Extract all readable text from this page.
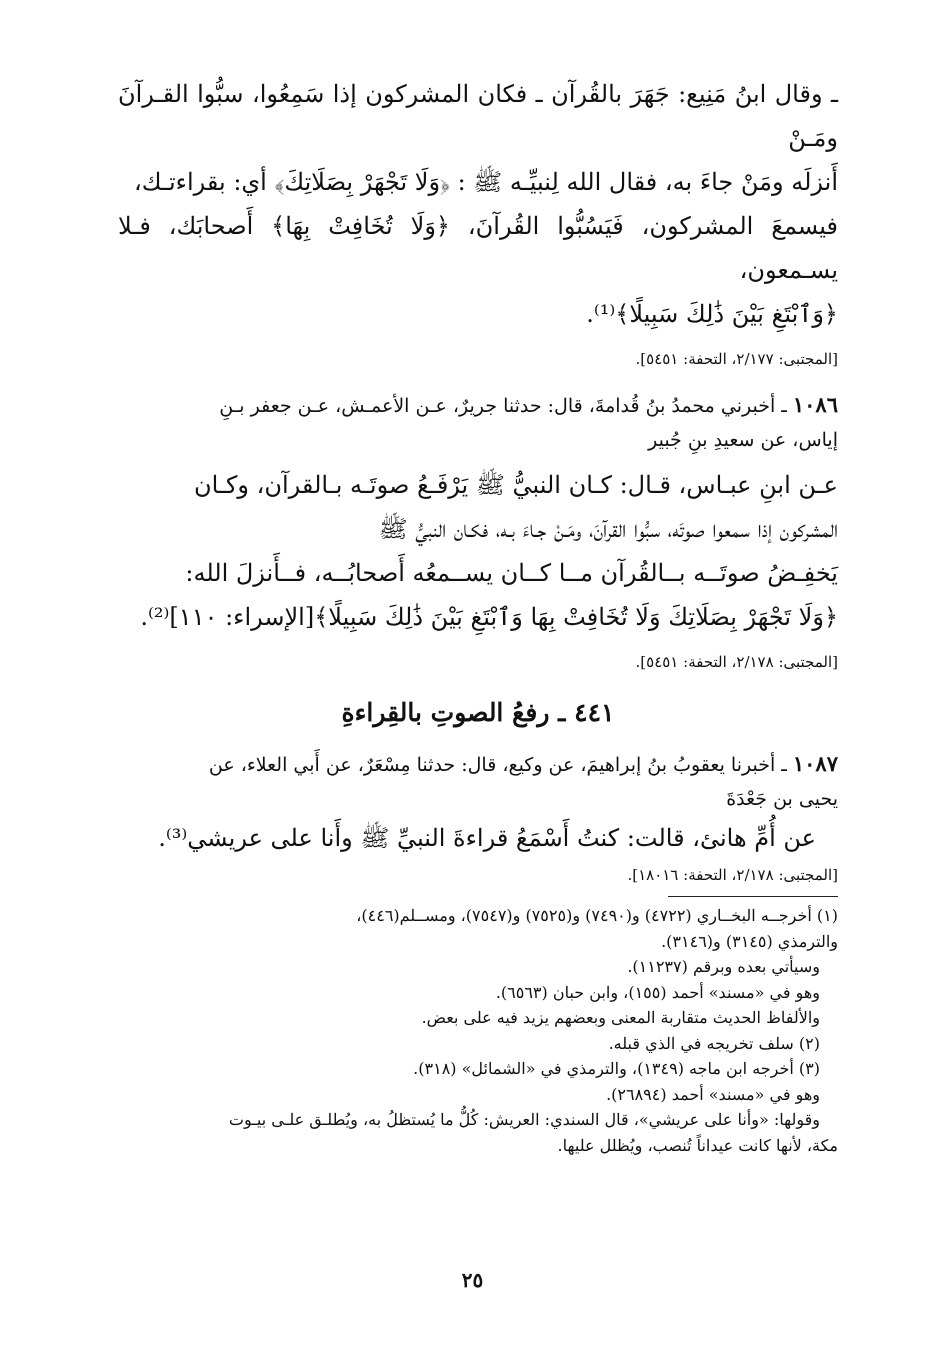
ـ وقال ابنُ مَنِيع: جَهَرَ بالقُرآن ـ فكان المشركون إذا سَمِعُوا، سبُّوا القـرآنَ ومَـنْ

أَنزلَه ومَنْ جاءَ به، فقال الله لِنبيِّـه ﷺ : ﴿وَلَا تَجْهَرْ بِصَلَاتِكَ﴾ أي: بقراءتـك،

فيسمعَ المشركون، فَيَسُبُّوا القُرآنَ، ﴿وَلَا تُخَافِتْ بِهَا﴾ أَصحابَك، فـلا يسـمعون،

﴿وَٱبْتَغِ بَيْنَ ذَٰلِكَ سَبِيلًا﴾⁽¹⁾.

[المجتبى: ٢/١٧٧، التحفة: ٥٤٥١].

١٠٨٦ ـ أخبرني محمدُ بنُ قُدامةَ، قال: حدثنا جريرٌ، عـن الأعمـش، عـن جعفر بـنِ

إياس، عن سعيدِ بنِ جُبير

عـن ابنِ عبـاس، قـال: كـان النبيُّ ﷺ يَرْفَـعُ صوتَـه بـالقرآن، وكـان

المشركون إذا سمعوا صوتَه، سبُّوا القرآنَ، ومَـنْ جـاءَ بـه، فكـان النبيُّ ﷺ

يَخفِـضُ صوتَــه بــالقُرآن مــا كــان يســمعُه أَصحابُــه، فــأَنزلَ الله:

﴿وَلَا تَجْهَرْ بِصَلَاتِكَ وَلَا تُخَافِتْ بِهَا وَٱبْتَغِ بَيْنَ ذَٰلِكَ سَبِيلًا﴾[الإسراء: ١١٠]⁽²⁾.

[المجتبى: ٢/١٧٨، التحفة: ٥٤٥١].

٤٤١ ـ رفعُ الصوتِ بالقِراءةِ

١٠٨٧ ـ أخبرنا يعقوبُ بنُ إبراهيمَ، عن وكيع، قال: حدثنا مِسْعَرٌ، عن أَبي العلاء، عن

يحيى بن جَعْدَةَ

عن أُمِّ هانئ، قالت: كنتُ أَسْمَعُ قراءةَ النبيِّ ﷺ وأَنا على عريشي⁽³⁾.

[المجتبى: ٢/١٧٨، التحفة: ١٨٠١٦].

(١) أخرجــه البخــاري (٤٧٢٢) و(٧٤٩٠) و(٧٥٢٥) و(٧٥٤٧)، ومســلم(٤٤٦)،

والترمذي (٣١٤٥) و(٣١٤٦).

وسيأتي بعده وبرقم (١١٢٣٧).

وهو في «مسند» أحمد (١٥٥)، وابن حبان (٦٥٦٣).

والألفاظ الحديث متقاربة المعنى وبعضهم يزيد فيه على بعض.

(٢) سلف تخريجه في الذي قبله.

(٣) أخرجه ابن ماجه (١٣٤٩)، والترمذي في «الشمائل» (٣١٨).

وهو في «مسند» أحمد (٢٦٨٩٤).

وقولها: «وأنا على عريشي»، قال السندي: العريش: كُلُّ ما يُستظلُ به، ويُطلـق علـى بيـوت

مكة، لأنها كانت عيداناً تُنصب، ويُظلل عليها.

٢٥
